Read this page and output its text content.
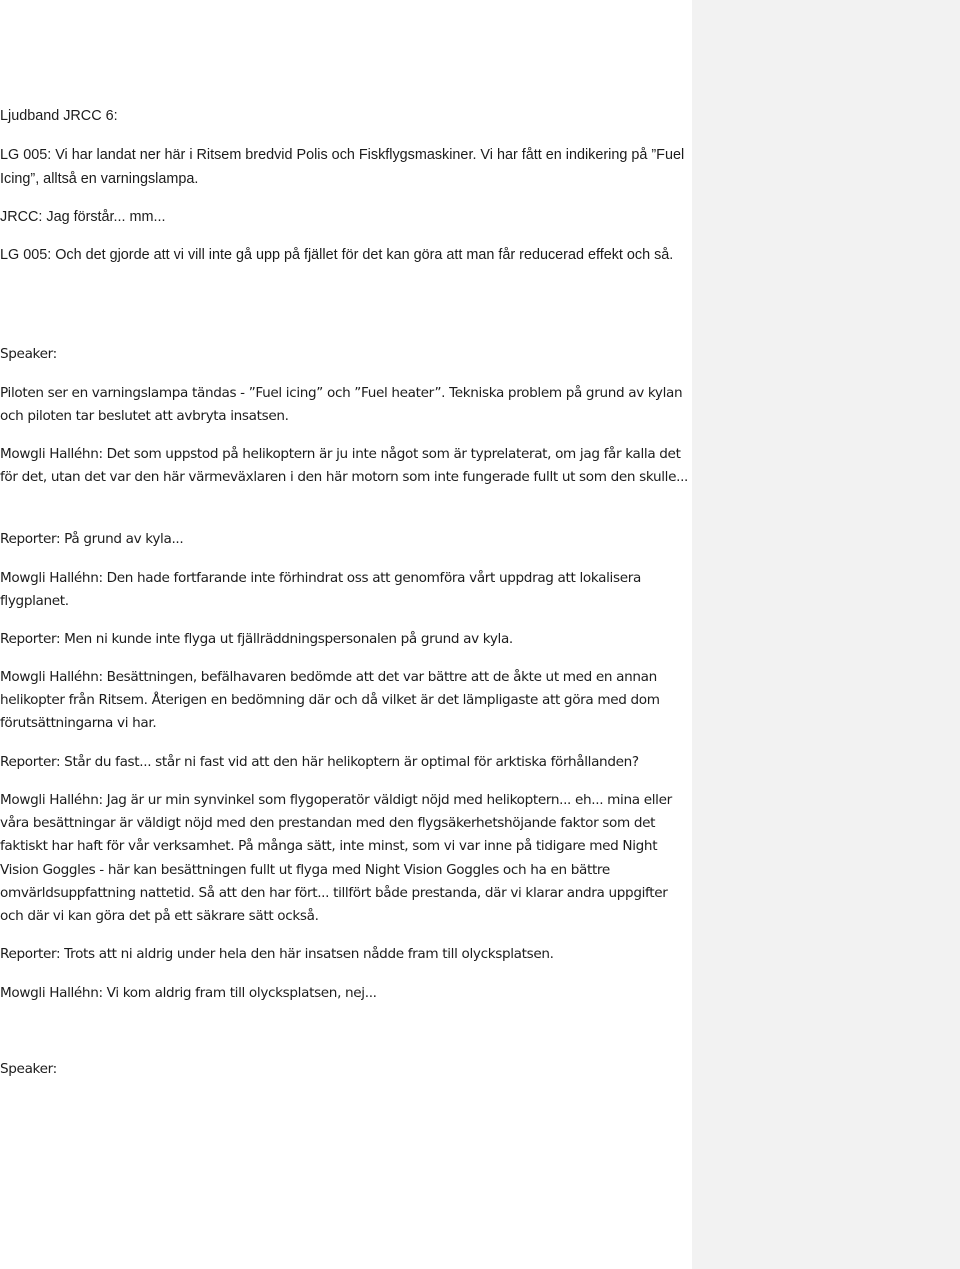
Ljudband JRCC 6:

LG 005: Vi har landat ner här i Ritsem bredvid Polis och Fiskflygsmaskiner. Vi har fått en indikering på ”Fuel Icing”, alltså en varningslampa.

JRCC: Jag förstår... mm...

LG 005: Och det gjorde att vi vill inte gå upp på fjället för det kan göra att man får reducerad effekt och så.

Speaker:

Piloten ser en varningslampa tändas - ”Fuel icing” och ”Fuel heater”. Tekniska problem på grund av kylan och piloten tar beslutet att avbryta insatsen.

Mowgli Halléhn: Det som uppstod på helikoptern är ju inte något som är typrelaterat, om jag får kalla det för det, utan det var den här värmeväxlaren i den här motorn som inte fungerade fullt ut som den skulle...

Reporter: På grund av kyla...

Mowgli Halléhn: Den hade fortfarande inte förhindrat oss att genomföra vårt uppdrag att lokalisera flygplanet.

Reporter: Men ni kunde inte flyga ut fjällräddningspersonalen på grund av kyla.

Mowgli Halléhn: Besättningen, befälhavaren bedömde att det var bättre att de åkte ut med en annan helikopter från Ritsem. Återigen en bedömning där och då vilket är det lämpligaste att göra med dom förutsättningarna vi har.

Reporter: Står du fast... står ni fast vid att den här helikoptern är optimal för arktiska förhållanden?

Mowgli Halléhn: Jag är ur min synvinkel som flygoperatör väldigt nöjd med helikoptern... eh... mina eller våra besättningar är väldigt nöjd med den prestandan med den flygsäkerhetshöjande faktor som det faktiskt har haft för vår verksamhet. På många sätt, inte minst, som vi var inne på tidigare med Night Vision Goggles - här kan besättningen fullt ut flyga med Night Vision Goggles och ha en bättre omvärldsuppfattning nattetid. Så att den har fört... tillfört både prestanda, där vi klarar andra uppgifter och där vi kan göra det på ett säkrare sätt också.

Reporter: Trots att ni aldrig under hela den här insatsen nådde fram till olycksplatsen.

Mowgli Halléhn: Vi kom aldrig fram till olycksplatsen, nej...

Speaker:
